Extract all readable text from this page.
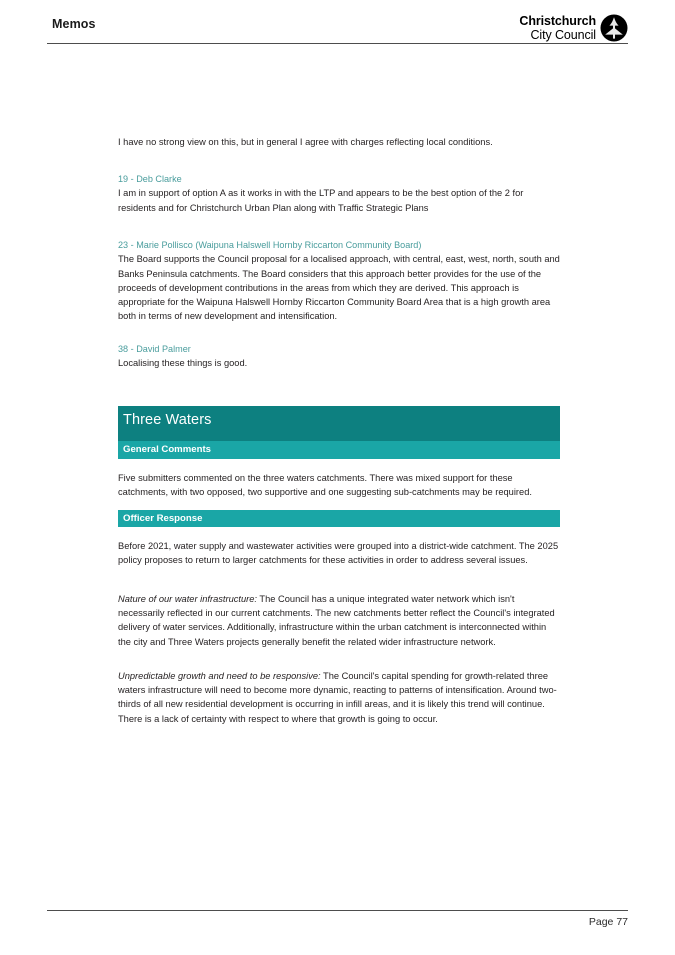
Memos	Christchurch
City Council

I have no strong view on this, but in general I agree with charges reflecting local conditions.

19 - Deb Clarke

I am in support of option A as it works in with the LTP and appears to be the best option of the 2 for residents and for Christchurch Urban Plan along with Traffic Strategic Plans

23 - Marie Pollisco (Waipuna Halswell Hornby Riccarton Community Board)

The Board supports the Council proposal for a localised approach, with central, east, west, north, south and Banks Peninsula catchments. The Board considers that this approach better provides for the use of the proceeds of development contributions in the areas from which they are derived. This approach is appropriate for the Waipuna Halswell Hornby Riccarton Community Board Area that is a high growth area both in terms of new development and intensification.

38 - David Palmer

Localising these things is good.

Three Waters
General Comments

Five submitters commented on the three waters catchments. There was mixed support for these catchments, with two opposed, two supportive and one suggesting sub-catchments may be required.

Officer Response

Before 2021, water supply and wastewater activities were grouped into a district-wide catchment. The 2025 policy proposes to return to larger catchments for these activities in order to address several issues.

Nature of our water infrastructure: The Council has a unique integrated water network which isn't necessarily reflected in our current catchments. The new catchments better reflect the Council's integrated delivery of water services. Additionally, infrastructure within the urban catchment is interconnected within the city and Three Waters projects generally benefit the related wider infrastructure network.

Unpredictable growth and need to be responsive: The Council's capital spending for growth-related three waters infrastructure will need to become more dynamic, reacting to patterns of intensification. Around two-thirds of all new residential development is occurring in infill areas, and it is likely this trend will continue. There is a lack of certainty with respect to where that growth is going to occur.

Page 77
